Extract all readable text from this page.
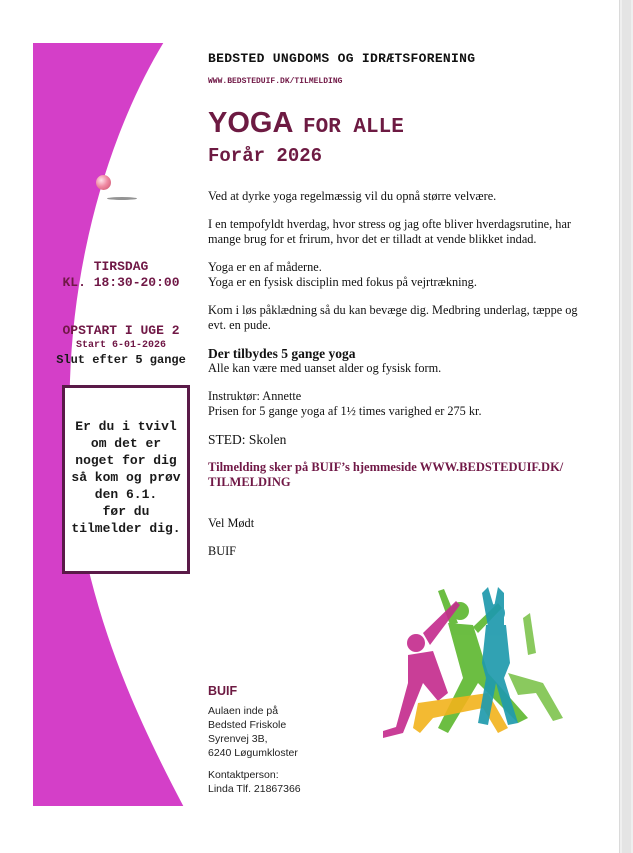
TIRSDAG
KL. 18:30-20:00
OPSTART I UGE 2
Start 6-01-2026
Slut efter 5 gange
Er du i tvivl
om det er
noget for dig
så kom og prøv
den 6.1.
før du
tilmelder dig.
BEDSTED UNGDOMS OG IDRÆTSFORENING
WWW.BEDSTEDUIF.DK/TILMELDING
YOGA FOR ALLE
Forår 2026

Ved at dyrke yoga regelmæssig vil du opnå større velvære.

I en tempofyldt hverdag, hvor stress og jag ofte bliver hverdagsrutine, har mange brug for et frirum, hvor det er tilladt at vende blikket indad.

Yoga er en af måderne.
Yoga er en fysisk disciplin med fokus på vejrtrækning.

Kom i løs påklædning så du kan bevæge dig. Medbring underlag, tæppe og evt. en pude.

Der tilbydes 5 gange yoga

Alle kan være med uanset alder og fysisk form.

Instruktør: Annette
Prisen for 5 gange yoga af 1½ times varighed er 275 kr.

STED: Skolen

Tilmelding sker på BUIF’s hjemmeside WWW.BEDSTEDUIF.DK/ TILMELDING

Vel Mødt

BUIF

BUIF
Aulaen inde på
Bedsted Friskole
Syrenvej 3B,
6240 Løgumkloster
Kontaktperson:
Linda Tlf. 21867366
